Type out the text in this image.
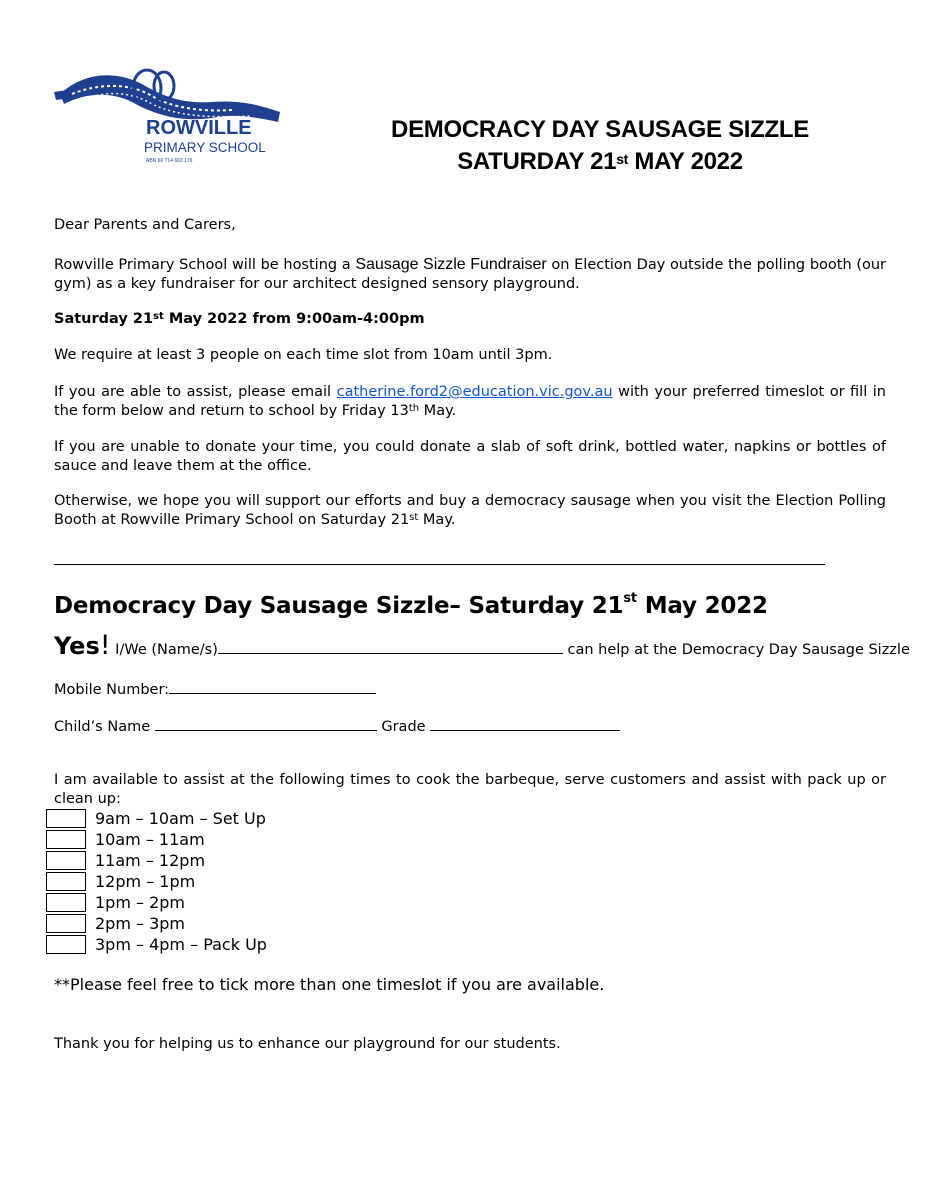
ROWVILLE
PRIMARY SCHOOL
ABN 66 714 663 176
DEMOCRACY DAY SAUSAGE SIZZLE
SATURDAY 21st MAY 2022
Dear Parents and Carers,
Rowville Primary School will be hosting a Sausage Sizzle Fundraiser on Election Day outside the polling booth (our gym) as a key fundraiser for our architect designed sensory playground.
Saturday 21st May 2022 from 9:00am-4:00pm
We require at least 3 people on each time slot from 10am until 3pm.
If you are able to assist, please email catherine.ford2@education.vic.gov.au with your preferred timeslot or fill in the form below and return to school by Friday 13th May.
If you are unable to donate your time, you could donate a slab of soft drink, bottled water, napkins or bottles of sauce and leave them at the office.
Otherwise, we hope you will support our efforts and buy a democracy sausage when you visit the Election Polling Booth at Rowville Primary School on Saturday 21st May.
Democracy Day Sausage Sizzle– Saturday 21st May 2022
Yes! I/We (Name/s)	can help at the Democracy Day Sausage Sizzle
Mobile Number:
Child’s Name	Grade
I am available to assist at the following times to cook the barbeque, serve customers and assist with pack up or clean up:
9am – 10am – Set Up
10am – 11am
11am – 12pm
12pm – 1pm
1pm – 2pm
2pm – 3pm
3pm – 4pm – Pack Up
**Please feel free to tick more than one timeslot if you are available.
Thank you for helping us to enhance our playground for our students.
